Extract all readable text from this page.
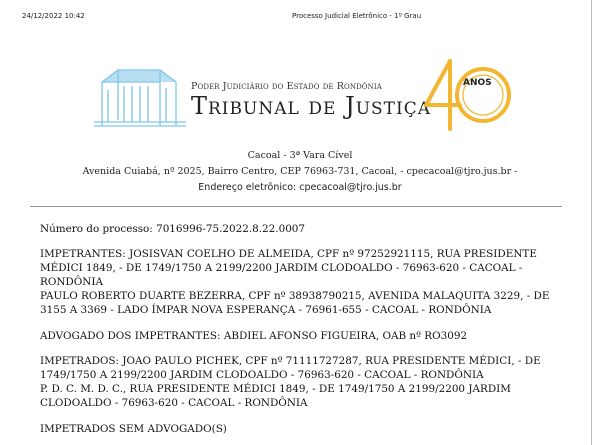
24/12/2022 10:42	Processo Judicial Eletrônico - 1º Grau
Poder Judiciário do Estado de Rondônia
Tribunal de Justiça
ANOS
Cacoal - 3ª Vara Cível
Avenida Cuiabá, nº 2025, Bairro Centro, CEP 76963-731, Cacoal, - cpecacoal@tjro.jus.br -
Endereço eletrônico: cpecacoal@tjro.jus.br
Número do processo: 7016996-75.2022.8.22.0007

IMPETRANTES: JOSISVAN COELHO DE ALMEIDA, CPF nº 97252921115, RUA PRESIDENTE MÉDICI 1849, - DE 1749/1750 A 2199/2200 JARDIM CLODOALDO - 76963-620 - CACOAL - RONDÔNIA

PAULO ROBERTO DUARTE BEZERRA, CPF nº 38938790215, AVENIDA MALAQUITA 3229, - DE 3155 A 3369 - LADO ÍMPAR NOVA ESPERANÇA - 76961-655 - CACOAL - RONDÔNIA

ADVOGADO DOS IMPETRANTES: ABDIEL AFONSO FIGUEIRA, OAB nº RO3092

IMPETRADOS: JOAO PAULO PICHEK, CPF nº 71111727287, RUA PRESIDENTE MÉDICI, - DE 1749/1750 A 2199/2200 JARDIM CLODOALDO - 76963-620 - CACOAL - RONDÔNIA

P. D. C. M. D. C., RUA PRESIDENTE MÉDICI 1849, - DE 1749/1750 A 2199/2200 JARDIM CLODOALDO - 76963-620 - CACOAL - RONDÔNIA

IMPETRADOS SEM ADVOGADO(S)
